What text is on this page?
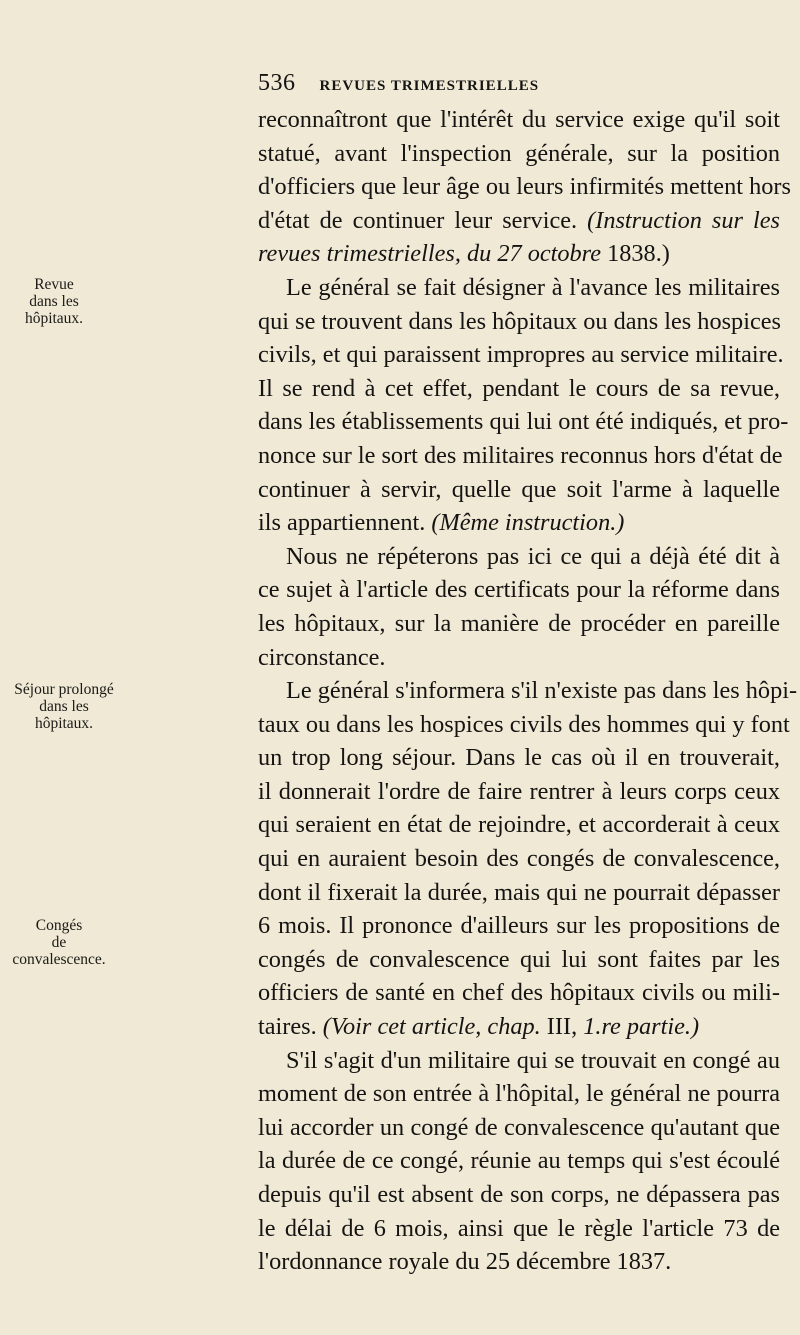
536 REVUES TRIMESTRIELLES
Revue
dans les
hôpitaux.
Séjour prolongé
dans les
hôpitaux.
Congés
de
convalescence.
reconnaîtront que l'intérêt du service exige qu'il soit
statué, avant l'inspection générale, sur la position
d'officiers que leur âge ou leurs infirmités mettent hors
d'état de continuer leur service. (Instruction sur les
revues trimestrielles, du 27 octobre 1838.)
Le général se fait désigner à l'avance les militaires
qui se trouvent dans les hôpitaux ou dans les hospices
civils, et qui paraissent impropres au service militaire.
Il se rend à cet effet, pendant le cours de sa revue,
dans les établissements qui lui ont été indiqués, et pro-
nonce sur le sort des militaires reconnus hors d'état de
continuer à servir, quelle que soit l'arme à laquelle
ils appartiennent. (Même instruction.)
Nous ne répéterons pas ici ce qui a déjà été dit à
ce sujet à l'article des certificats pour la réforme dans
les hôpitaux, sur la manière de procéder en pareille
circonstance.
Le général s'informera s'il n'existe pas dans les hôpi-
taux ou dans les hospices civils des hommes qui y font
un trop long séjour. Dans le cas où il en trouverait,
il donnerait l'ordre de faire rentrer à leurs corps ceux
qui seraient en état de rejoindre, et accorderait à ceux
qui en auraient besoin des congés de convalescence,
dont il fixerait la durée, mais qui ne pourrait dépasser
6 mois. Il prononce d'ailleurs sur les propositions de
congés de convalescence qui lui sont faites par les
officiers de santé en chef des hôpitaux civils ou mili-
taires. (Voir cet article, chap. III, 1.re partie.)
S'il s'agit d'un militaire qui se trouvait en congé au
moment de son entrée à l'hôpital, le général ne pourra
lui accorder un congé de convalescence qu'autant que
la durée de ce congé, réunie au temps qui s'est écoulé
depuis qu'il est absent de son corps, ne dépassera pas
le délai de 6 mois, ainsi que le règle l'article 73 de
l'ordonnance royale du 25 décembre 1837.
